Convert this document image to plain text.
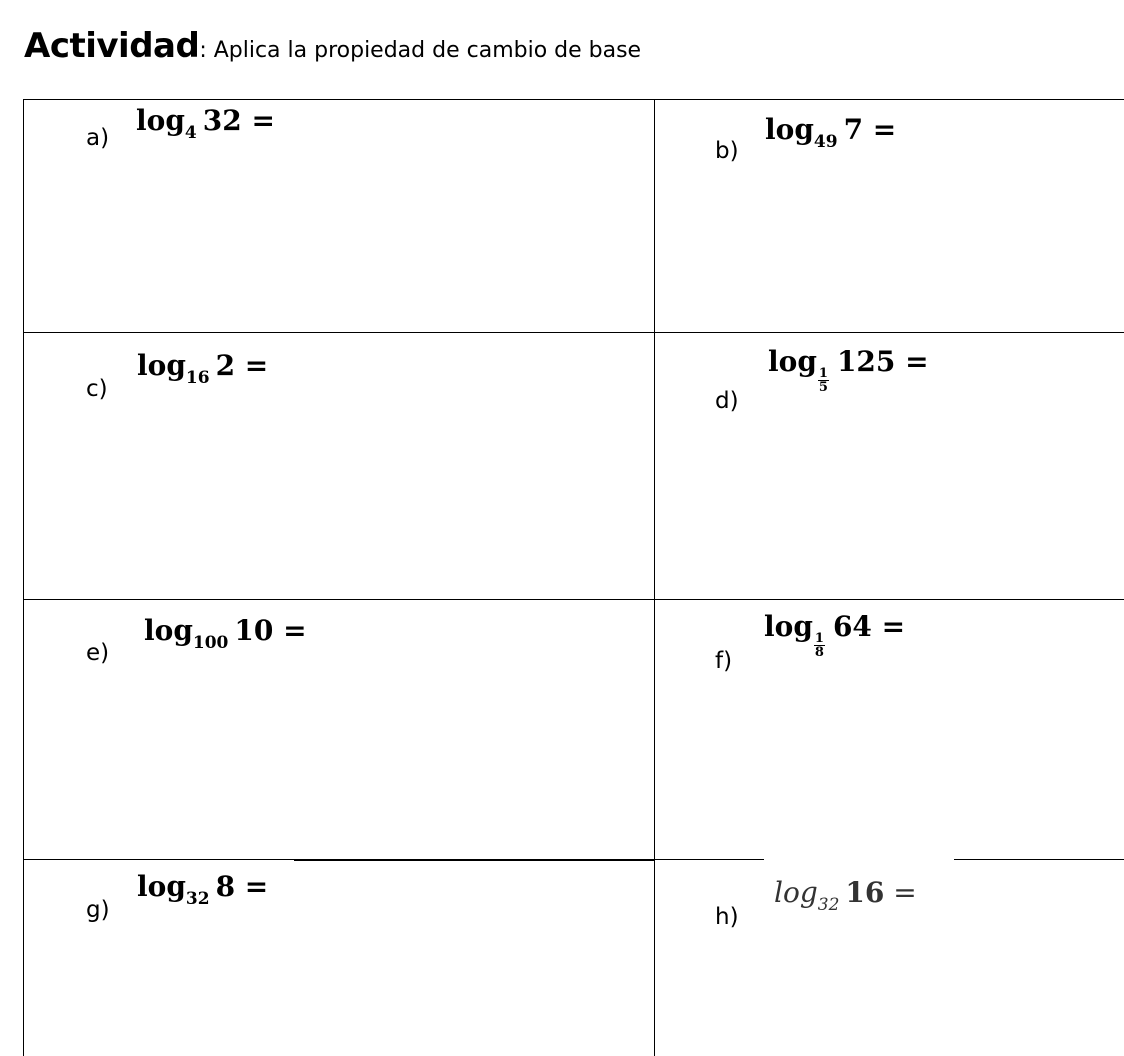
Actividad: Aplica la propiedad de cambio de base
a)
$\log_4 32$ =
b)
$\log_{49} 7$ =
c)
$\log_{16} 2$ =
d)
log
$\frac{1}{5}$
125 =
e)
$\log_{100} 10$ =
f)
log
$\frac{1}{8}$
64 =
g)
$\log_{32} 8$ =
h)
$\log_{32} 16$ =
